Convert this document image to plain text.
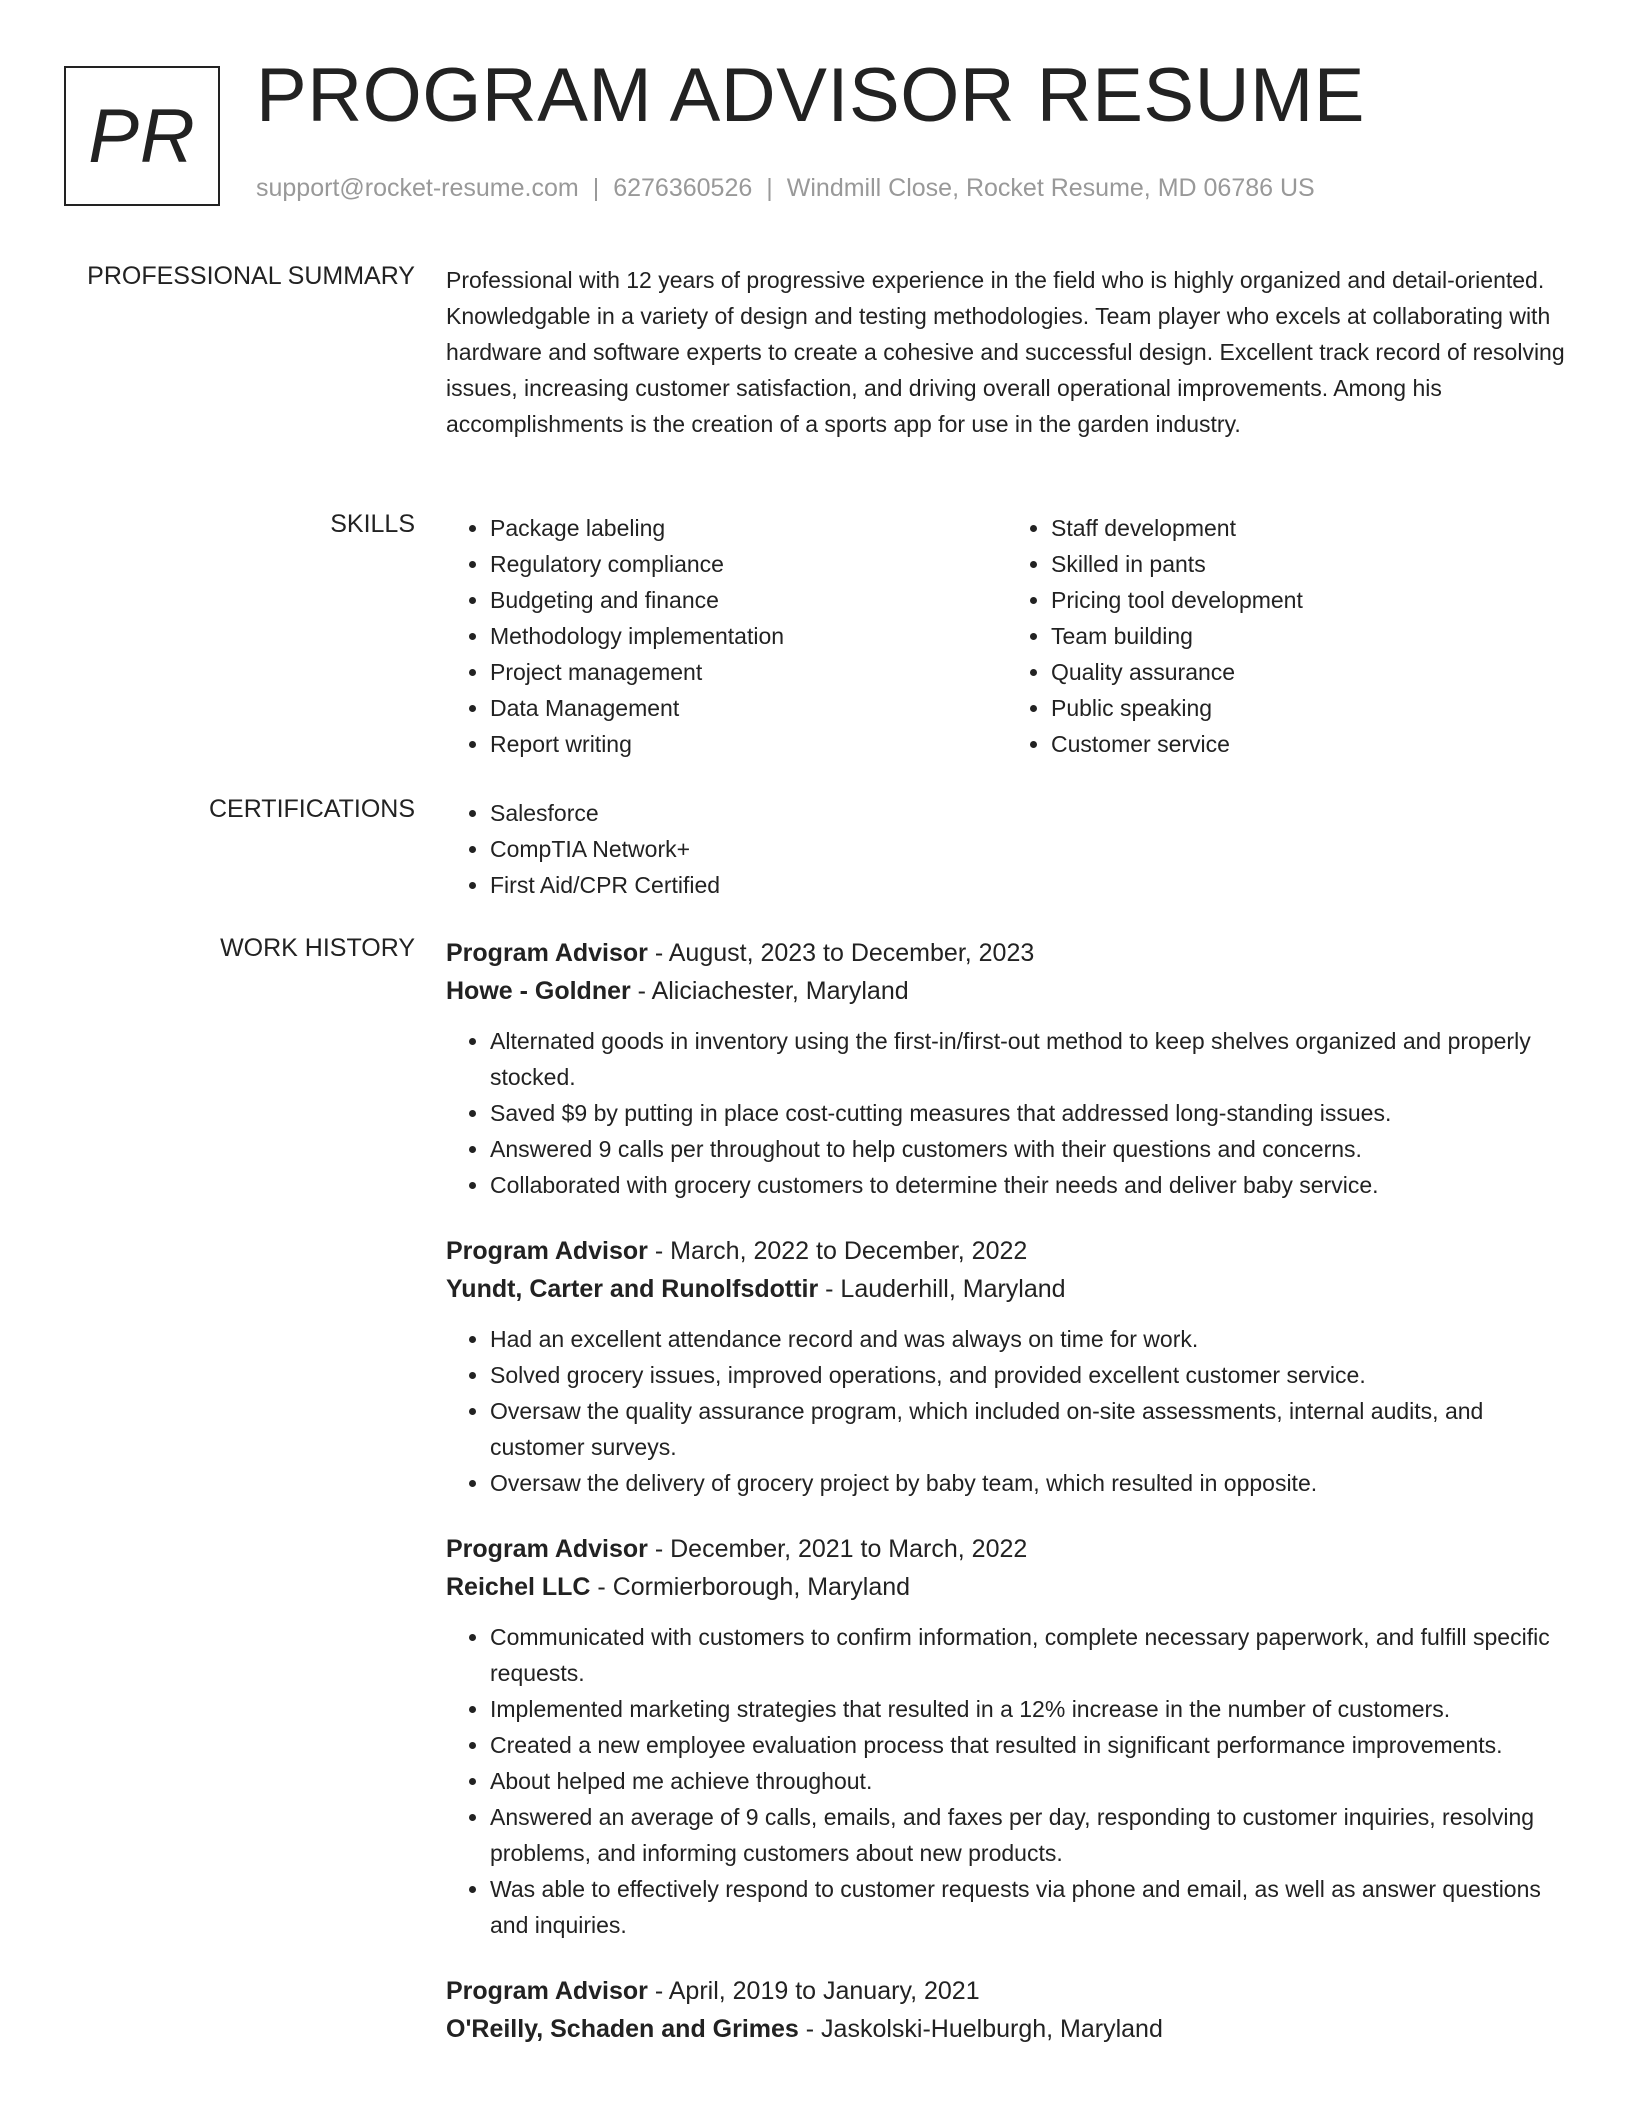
PR PROGRAM ADVISOR RESUME
support@rocket-resume.com | 6276360526 | Windmill Close, Rocket Resume, MD 06786 US
PROFESSIONAL SUMMARY Professional with 12 years of progressive experience in the field who is highly organized and detail-oriented. Knowledgable in a variety of design and testing methodologies. Team player who excels at collaborating with hardware and software experts to create a cohesive and successful design. Excellent track record of resolving issues, increasing customer satisfaction, and driving overall operational improvements. Among his accomplishments is the creation of a sports app for use in the garden industry.

SKILLS	• Package labeling
• Regulatory compliance
• Budgeting and finance
• Methodology implementation
• Project management
• Data Management
• Report writing
• Staff development
• Skilled in pants
• Pricing tool development
• Team building
• Quality assurance
• Public speaking
• Customer service
CERTIFICATIONS	• Salesforce
• CompTIA Network+
• First Aid/CPR Certified
WORK HISTORY Program Advisor - August, 2023 to December, 2023
Howe - Goldner - Aliciachester, Maryland
• Alternated goods in inventory using the first-in/first-out method to keep shelves organized and properly stocked.
• Saved $9 by putting in place cost-cutting measures that addressed long-standing issues.
• Answered 9 calls per throughout to help customers with their questions and concerns.
• Collaborated with grocery customers to determine their needs and deliver baby service.
Program Advisor - March, 2022 to December, 2022
Yundt, Carter and Runolfsdottir - Lauderhill, Maryland
• Had an excellent attendance record and was always on time for work.
• Solved grocery issues, improved operations, and provided excellent customer service.
• Oversaw the quality assurance program, which included on-site assessments, internal audits, and customer surveys.
• Oversaw the delivery of grocery project by baby team, which resulted in opposite.
Program Advisor - December, 2021 to March, 2022
Reichel LLC - Cormierborough, Maryland
• Communicated with customers to confirm information, complete necessary paperwork, and fulfill specific requests.
• Implemented marketing strategies that resulted in a 12% increase in the number of customers.
• Created a new employee evaluation process that resulted in significant performance improvements.
• About helped me achieve throughout.
• Answered an average of 9 calls, emails, and faxes per day, responding to customer inquiries, resolving problems, and informing customers about new products.
• Was able to effectively respond to customer requests via phone and email, as well as answer questions and inquiries.
Program Advisor - April, 2019 to January, 2021
O'Reilly, Schaden and Grimes - Jaskolski-Huelburgh, Maryland
